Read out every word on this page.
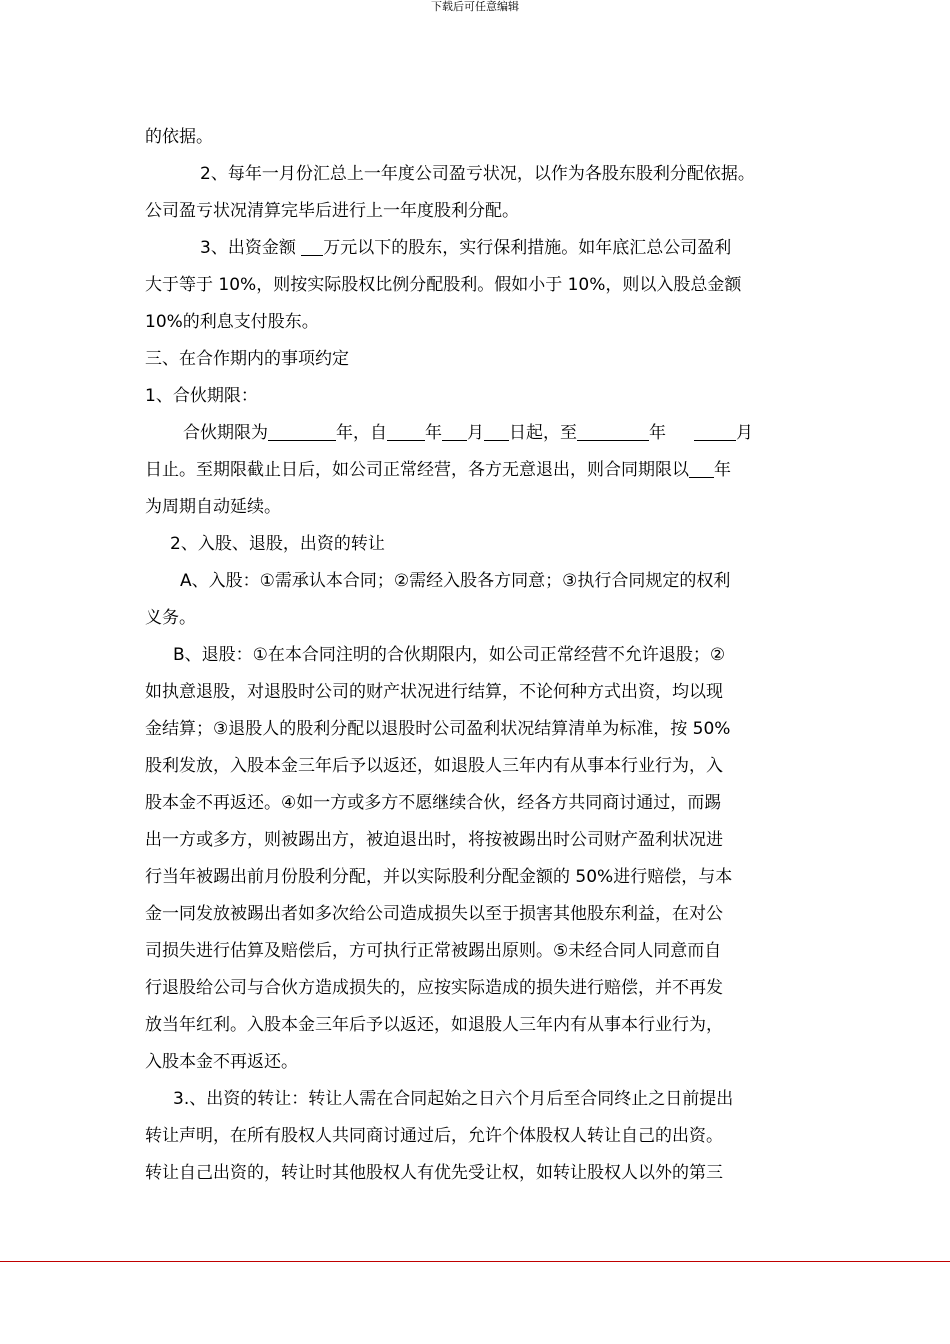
下载后可任意编辑
的依据。
2、每年一月份汇总上一年度公司盈亏状况，以作为各股东股利分配依据。
公司盈亏状况清算完毕后进行上一年度股利分配。
3、出资金额 万元以下的股东，实行保利措施。如年底汇总公司盈利
大于等于 10%，则按实际股权比例分配股利。假如小于 10%，则以入股总金额
10%的利息支付股东。
三、在合作期内的事项约定
1、合伙期限：
合伙期限为	年，自 年 月 日起，至	年	月
日止。至期限截止日后，如公司正常经营，各方无意退出，则合同期限以 年
为周期自动延续。
2、入股、退股，出资的转让
A、入股：①需承认本合同；②需经入股各方同意；③执行合同规定的权利
义务。
B、退股：①在本合同注明的合伙期限内，如公司正常经营不允许退股；②
如执意退股，对退股时公司的财产状况进行结算，不论何种方式出资，均以现
金结算；③退股人的股利分配以退股时公司盈利状况结算清单为标准，按 50%
股利发放，入股本金三年后予以返还，如退股人三年内有从事本行业行为，入
股本金不再返还。④如一方或多方不愿继续合伙，经各方共同商讨通过，而踢
出一方或多方，则被踢出方，被迫退出时，将按被踢出时公司财产盈利状况进
行当年被踢出前月份股利分配，并以实际股利分配金额的 50%进行赔偿，与本
金一同发放被踢出者如多次给公司造成损失以至于损害其他股东利益，在对公
司损失进行估算及赔偿后，方可执行正常被踢出原则。⑤未经合同人同意而自
行退股给公司与合伙方造成损失的，应按实际造成的损失进行赔偿，并不再发
放当年红利。入股本金三年后予以返还，如退股人三年内有从事本行业行为，
入股本金不再返还。
3.、出资的转让：转让人需在合同起始之日六个月后至合同终止之日前提出
转让声明，在所有股权人共同商讨通过后，允许个体股权人转让自己的出资。
转让自己出资的，转让时其他股权人有优先受让权，如转让股权人以外的第三
